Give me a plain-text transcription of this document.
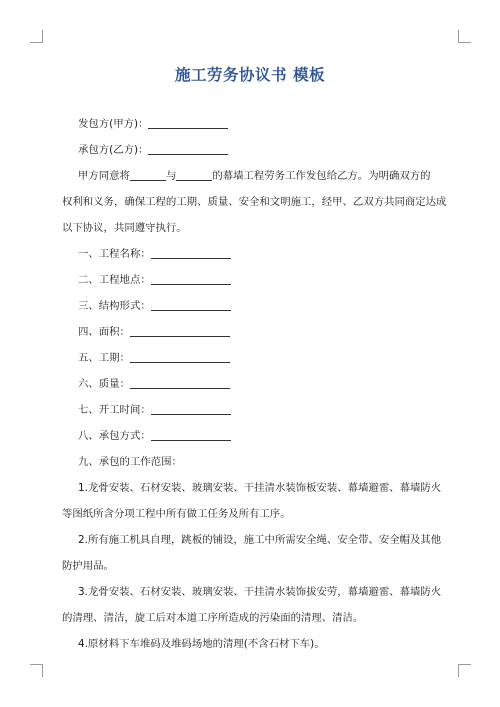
施工劳务协议书 模板
发包方(甲方)：
承包方(乙方)：
甲方同意将	与	的幕墙工程劳务工作发包给乙方。为明确双方的
权利和义务，确保工程的工期、质量、安全和文明施工，经甲、乙双方共同商定达成
以下协议，共同遵守执行。
一、工程名称：
二、工程地点：
三、结构形式：
四、面积：
五、工期：
六、质量：
七、开工时间：
八、承包方式：
九、承包的工作范围：
1.龙骨安装、石材安装、玻璃安装、干挂清水装饰板安装、幕墙避雷、幕墙防火
等图纸所含分项工程中所有做工任务及所有工序。
2.所有施工机具自理，跳板的铺设，施工中所需安全绳、安全带、安全帽及其他
防护用品。
3.龙骨安装、石材安装、玻璃安装、干挂清水装饰拔安劳，幕墙避雷、幕墙防火
的清理、清洁，旋工后对本道工序所造成的污染面的清理、清洁。
4.原材料下车堆码及堆码场地的清理(不含石材下车)。
